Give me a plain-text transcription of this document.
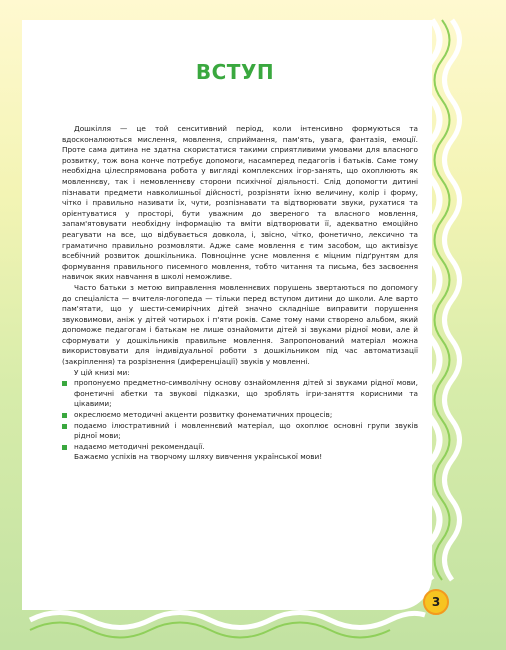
ВСТУП

Дошкілля — це той сенситивний період, коли інтенсивно формуються та вдосконалюються мислення, мовлення, сприймання, пам'ять, увага, фантазія, емоції. Проте сама дитина не здатна скористатися такими сприятливими умовами для власного розвитку, тож вона конче потребує допомоги, насамперед педагогів і батьків. Саме тому необхідна цілеспрямована робота у вигляді комплексних ігор-занять, що охоплюють як мовленнєву, так і немовленнєву сторони психічної діяльності. Слід допомогти дитині пізнавати предмети навколишньої дійсності, розрізняти їхню величину, колір і форму, чітко і правильно називати їх, чути, розпізнавати та відтворювати звуки, рухатися та орієнтуватися у просторі, бути уважним до звереного та власного мовлення, запам'ятовувати необхідну інформацію та вміти відтворювати її, адекватно емоційно реагувати на все, що відбувається довкола, і, звісно, чітко, фонетично, лексично та граматично правильно розмовляти. Адже саме мовлення є тим засобом, що активізує всебічний розвиток дошкільника. Повноцінне усне мовлення є міцним підґрунтям для формування правильного писемного мовлення, тобто читання та письма, без засвоєння навичок яких навчання в школі неможливе.

Часто батьки з метою виправлення мовленнєвих порушень звертаються по допомогу до спеціаліста — вчителя-логопеда — тільки перед вступом дитини до школи. Але варто пам'ятати, що у шести-семирічних дітей значно складніше виправити порушення звуковимови, аніж у дітей чотирьох і п'яти років. Саме тому нами створено альбом, який допоможе педагогам і батькам не лише ознайомити дітей зі звуками рідної мови, але й сформувати у дошкільників правильне мовлення. Запропонований матеріал можна використовувати для індивідуальної роботи з дошкільником під час автоматизації (закріплення) та розрізнення (диференціації) звуків у мовленні.

У цій книзі ми:
пропонуємо предметно-символічну основу ознайомлення дітей зі звуками рідної мови, фонетичні абетки та звукові підказки, що зроблять ігри-заняття корисними та цікавими;
окреслюємо методичні акценти розвитку фонематичних процесів;
подаємо ілюстративний і мовленнєвий матеріал, що охоплює основні групи звуків рідної мови;
надаємо методичні рекомендації.
Бажаємо успіхів на творчому шляху вивчення української мови!
3
